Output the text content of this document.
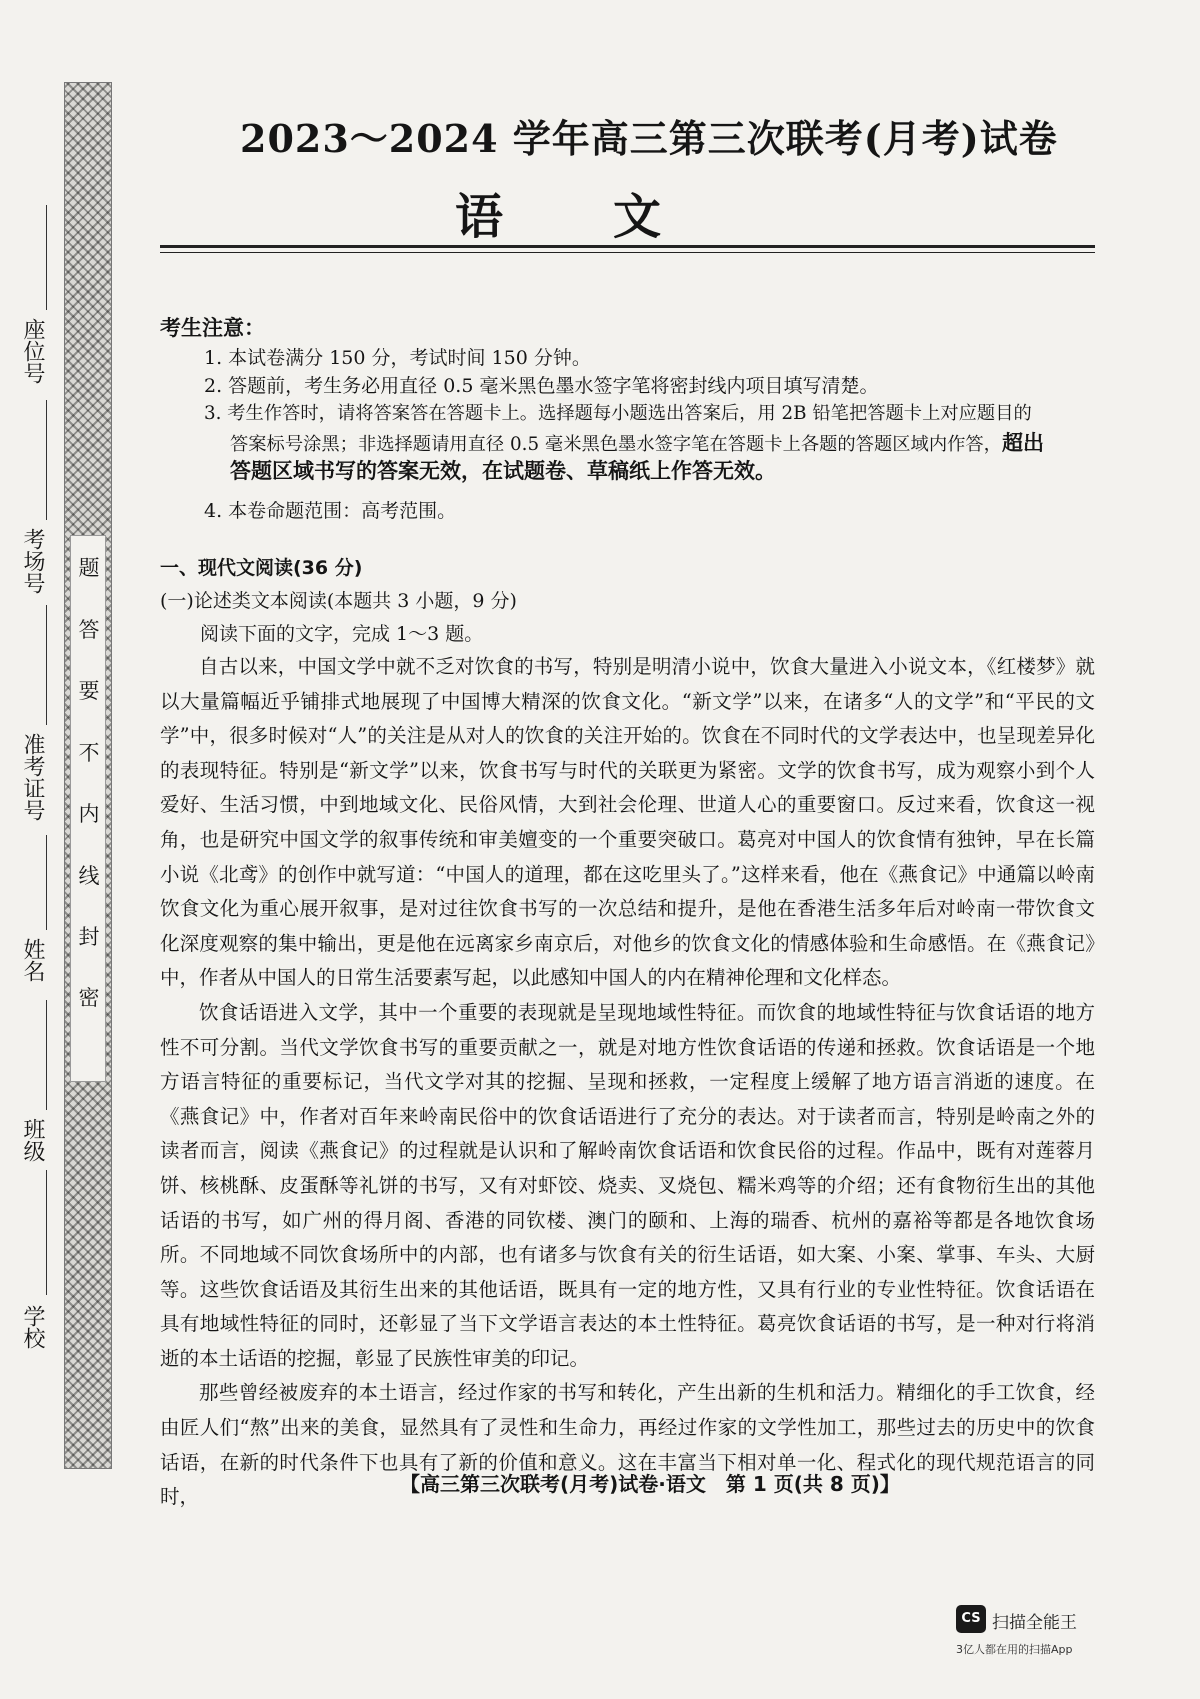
题
答
要
不
内
线
封
密
座位号
考场号
准考证号
姓名
班级
学校
2023～2024 学年高三第三次联考(月考)试卷
语文
考生注意：
1. 本试卷满分 150 分，考试时间 150 分钟。
2. 答题前，考生务必用直径 0.5 毫米黑色墨水签字笔将密封线内项目填写清楚。
3. 考生作答时，请将答案答在答题卡上。选择题每小题选出答案后，用 2B 铅笔把答题卡上对应题目的
答案标号涂黑；非选择题请用直径 0.5 毫米黑色墨水签字笔在答题卡上各题的答题区域内作答，超出
答题区域书写的答案无效，在试题卷、草稿纸上作答无效。
4. 本卷命题范围：高考范围。
一、现代文阅读(36 分)
(一)论述类文本阅读(本题共 3 小题，9 分)
阅读下面的文字，完成 1～3 题。

自古以来，中国文学中就不乏对饮食的书写，特别是明清小说中，饮食大量进入小说文本，《红楼梦》就以大量篇幅近乎铺排式地展现了中国博大精深的饮食文化。“新文学”以来，在诸多“人的文学”和“平民的文学”中，很多时候对“人”的关注是从对人的饮食的关注开始的。饮食在不同时代的文学表达中，也呈现差异化的表现特征。特别是“新文学”以来，饮食书写与时代的关联更为紧密。文学的饮食书写，成为观察小到个人爱好、生活习惯，中到地域文化、民俗风情，大到社会伦理、世道人心的重要窗口。反过来看，饮食这一视角，也是研究中国文学的叙事传统和审美嬗变的一个重要突破口。葛亮对中国人的饮食情有独钟，早在长篇小说《北鸢》的创作中就写道：“中国人的道理，都在这吃里头了。”这样来看，他在《燕食记》中通篇以岭南饮食文化为重心展开叙事，是对过往饮食书写的一次总结和提升，是他在香港生活多年后对岭南一带饮食文化深度观察的集中输出，更是他在远离家乡南京后，对他乡的饮食文化的情感体验和生命感悟。在《燕食记》中，作者从中国人的日常生活要素写起，以此感知中国人的内在精神伦理和文化样态。

饮食话语进入文学，其中一个重要的表现就是呈现地域性特征。而饮食的地域性特征与饮食话语的地方性不可分割。当代文学饮食书写的重要贡献之一，就是对地方性饮食话语的传递和拯救。饮食话语是一个地方语言特征的重要标记，当代文学对其的挖掘、呈现和拯救，一定程度上缓解了地方语言消逝的速度。在《燕食记》中，作者对百年来岭南民俗中的饮食话语进行了充分的表达。对于读者而言，特别是岭南之外的读者而言，阅读《燕食记》的过程就是认识和了解岭南饮食话语和饮食民俗的过程。作品中，既有对莲蓉月饼、核桃酥、皮蛋酥等礼饼的书写，又有对虾饺、烧卖、叉烧包、糯米鸡等的介绍；还有食物衍生出的其他话语的书写，如广州的得月阁、香港的同钦楼、澳门的颐和、上海的瑞香、杭州的嘉裕等都是各地饮食场所。不同地域不同饮食场所中的内部，也有诸多与饮食有关的衍生话语，如大案、小案、掌事、车头、大厨等。这些饮食话语及其衍生出来的其他话语，既具有一定的地方性，又具有行业的专业性特征。饮食话语在具有地域性特征的同时，还彰显了当下文学语言表达的本土性特征。葛亮饮食话语的书写，是一种对行将消逝的本土话语的挖掘，彰显了民族性审美的印记。

那些曾经被废弃的本土语言，经过作家的书写和转化，产生出新的生机和活力。精细化的手工饮食，经由匠人们“熬”出来的美食，显然具有了灵性和生命力，再经过作家的文学性加工，那些过去的历史中的饮食话语，在新的时代条件下也具有了新的价值和意义。这在丰富当下相对单一化、程式化的现代规范语言的同时，

【高三第三次联考(月考)试卷·语文　第 1 页(共 8 页)】
CS 扫描全能王
3亿人都在用的扫描App
